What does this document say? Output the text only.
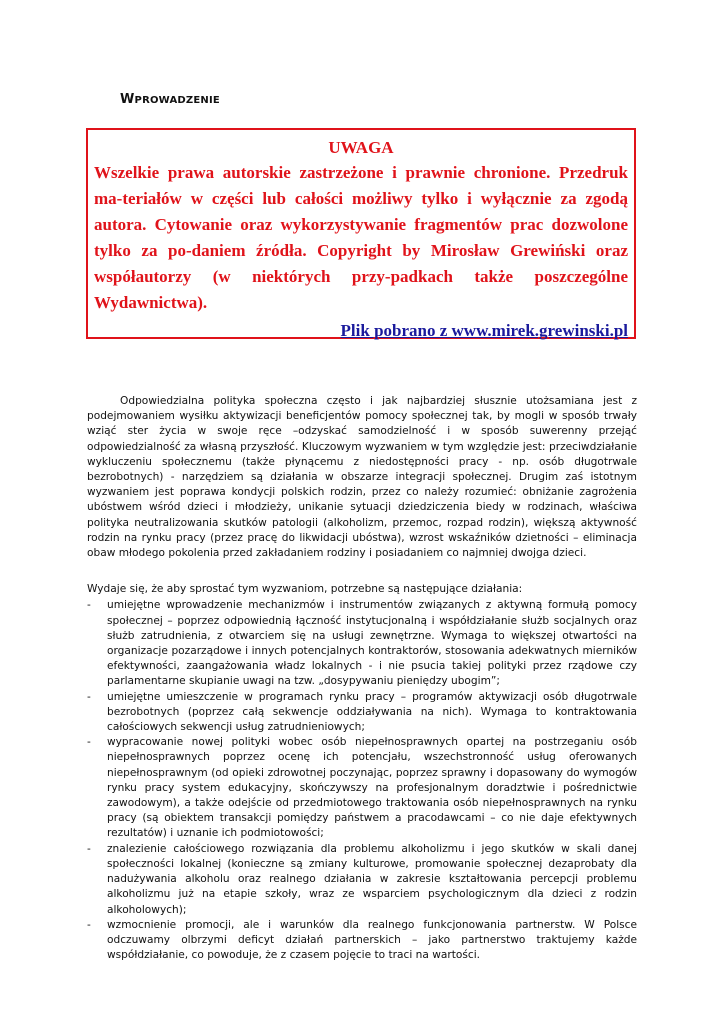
WPROWADZENIE

UWAGA

Wszelkie prawa autorskie zastrzeżone i prawnie chronione. Przedruk ma-teriałów w części lub całości możliwy tylko i wyłącznie za zgodą autora. Cytowanie oraz wykorzystywanie fragmentów prac dozwolone tylko za po-daniem źródła. Copyright by Mirosław Grewiński oraz współautorzy (w niektórych przy-padkach także poszczególne Wydawnictwa).

Plik pobrano z www.mirek.grewinski.pl

Odpowiedzialna polityka społeczna często i jak najbardziej słusznie utożsamiana jest z podejmowaniem wysiłku aktywizacji beneficjentów pomocy społecznej tak, by mogli w sposób trwały wziąć ster życia w swoje ręce –odzyskać samodzielność i w sposób suwerenny przejąć odpowiedzialność za własną przyszłość. Kluczowym wyzwaniem w tym względzie jest: przeciwdziałanie wykluczeniu społecznemu (także płynącemu z niedostępności pracy - np. osób długotrwale bezrobotnych) - narzędziem są działania w obszarze integracji społecznej. Drugim zaś istotnym wyzwaniem jest poprawa kondycji polskich rodzin, przez co należy rozumieć: obniżanie zagrożenia ubóstwem wśród dzieci i młodzieży, unikanie sytuacji dziedziczenia biedy w rodzinach, właściwa polityka neutralizowania skutków patologii (alkoholizm, przemoc, rozpad rodzin), większą aktywność rodzin na rynku pracy (przez pracę do likwidacji ubóstwa), wzrost wskaźników dzietności – eliminacja obaw młodego pokolenia przed zakładaniem rodziny i posiadaniem co najmniej dwojga dzieci.

Wydaje się, że aby sprostać tym wyzwaniom, potrzebne są następujące działania:

- umiejętne wprowadzenie mechanizmów i instrumentów związanych z aktywną formułą pomocy społecznej – poprzez odpowiednią łączność instytucjonalną i współdziałanie służb socjalnych oraz służb zatrudnienia, z otwarciem się na usługi zewnętrzne. Wymaga to większej otwartości na organizacje pozarządowe i innych potencjalnych kontraktorów, stosowania adekwatnych mierników efektywności, zaangażowania władz lokalnych - i nie psucia takiej polityki przez rządowe czy parlamentarne skupianie uwagi na tzw. „dosypywaniu pieniędzy ubogim”;
- umiejętne umieszczenie w programach rynku pracy – programów aktywizacji osób długotrwale bezrobotnych (poprzez całą sekwencje oddziaływania na nich). Wymaga to kontraktowania całościowych sekwencji usług zatrudnieniowych;
- wypracowanie nowej polityki wobec osób niepełnosprawnych opartej na postrzeganiu osób niepełnosprawnych poprzez ocenę ich potencjału, wszechstronność usług oferowanych niepełnosprawnym (od opieki zdrowotnej poczynając, poprzez sprawny i dopasowany do wymogów rynku pracy system edukacyjny, skończywszy na profesjonalnym doradztwie i pośrednictwie zawodowym), a także odejście od przedmiotowego traktowania osób niepełnosprawnych na rynku pracy (są obiektem transakcji pomiędzy państwem a pracodawcami – co nie daje efektywnych rezultatów) i uznanie ich podmiotowości;
- znalezienie całościowego rozwiązania dla problemu alkoholizmu i jego skutków w skali danej społeczności lokalnej (konieczne są zmiany kulturowe, promowanie społecznej dezaprobaty dla nadużywania alkoholu oraz realnego działania w zakresie kształtowania percepcji problemu alkoholizmu już na etapie szkoły, wraz ze wsparciem psychologicznym dla dzieci z rodzin alkoholowych);
- wzmocnienie promocji, ale i warunków dla realnego funkcjonowania partnerstw. W Polsce odczuwamy olbrzymi deficyt działań partnerskich – jako partnerstwo traktujemy każde współdziałanie, co powoduje, że z czasem pojęcie to traci na wartości.
